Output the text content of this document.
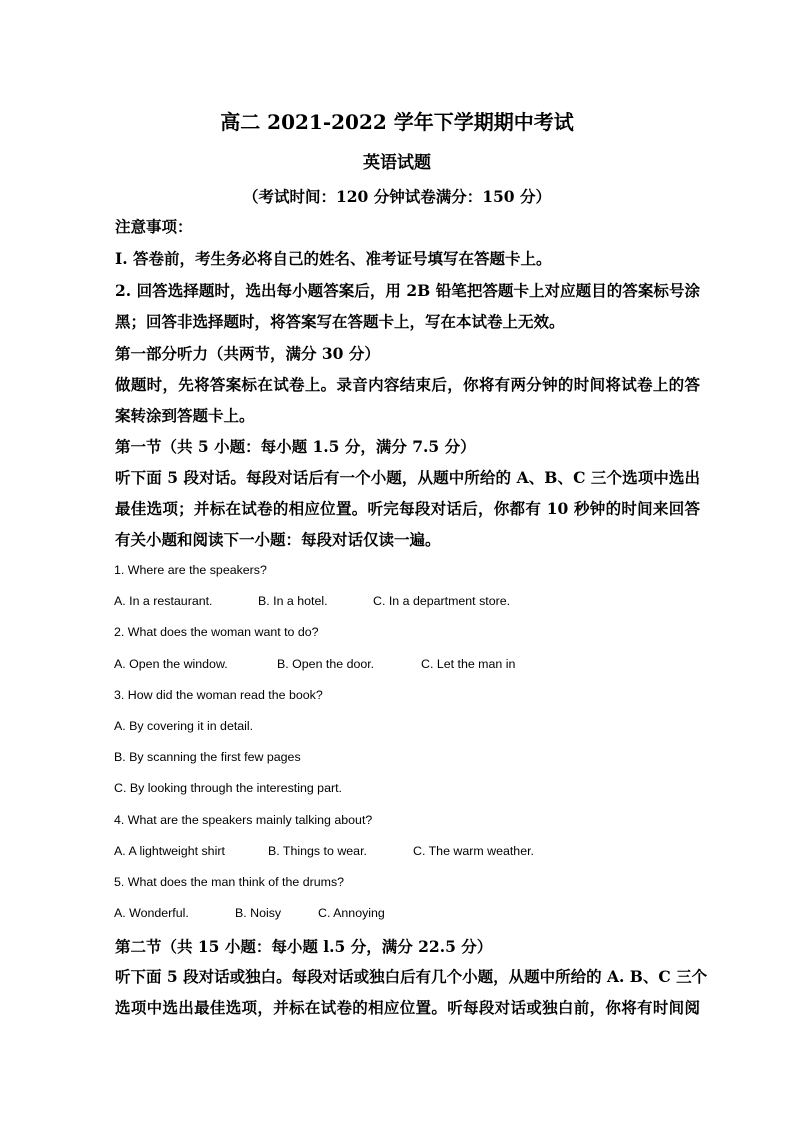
高二 2021-2022 学年下学期期中考试
英语试题
（考试时间：120 分钟试卷满分：150 分）
注意事项：
I. 答卷前，考生务必将自己的姓名、准考证号填写在答题卡上。
2. 回答选择题时，选出每小题答案后，用 2B 铅笔把答题卡上对应题目的答案标号涂
黑；回答非选择题时，将答案写在答题卡上，写在本试卷上无效。
第一部分听力（共两节，满分 30 分）
做题时，先将答案标在试卷上。录音内容结束后，你将有两分钟的时间将试卷上的答
案转涂到答题卡上。
第一节（共 5 小题：每小题 1.5 分，满分 7.5 分）
听下面 5 段对话。每段对话后有一个小题，从题中所给的 A、B、C 三个选项中选出
最佳选项；并标在试卷的相应位置。听完每段对话后，你都有 10 秒钟的时间来回答
有关小题和阅读下一小题：每段对话仅读一遍。
1. Where are the speakers?
A. In a restaurant.	B. In a hotel.	C. In a department store.
2. What does the woman want to do?
A. Open the window.	B. Open the door.	C. Let the man in
3. How did the woman read the book?
A. By covering it in detail.
B. By scanning the first few pages
C. By looking through the interesting part.
4. What are the speakers mainly talking about?
A. A lightweight shirt	B. Things to wear.	C. The warm weather.
5. What does the man think of the drums?
A. Wonderful.	B. Noisy	C. Annoying
第二节（共 15 小题：每小题 l.5 分，满分 22.5 分）
听下面 5 段对话或独白。每段对话或独白后有几个小题，从题中所给的 A. B、C 三个
选项中选出最佳选项，并标在试卷的相应位置。听每段对话或独白前，你将有时间阅
